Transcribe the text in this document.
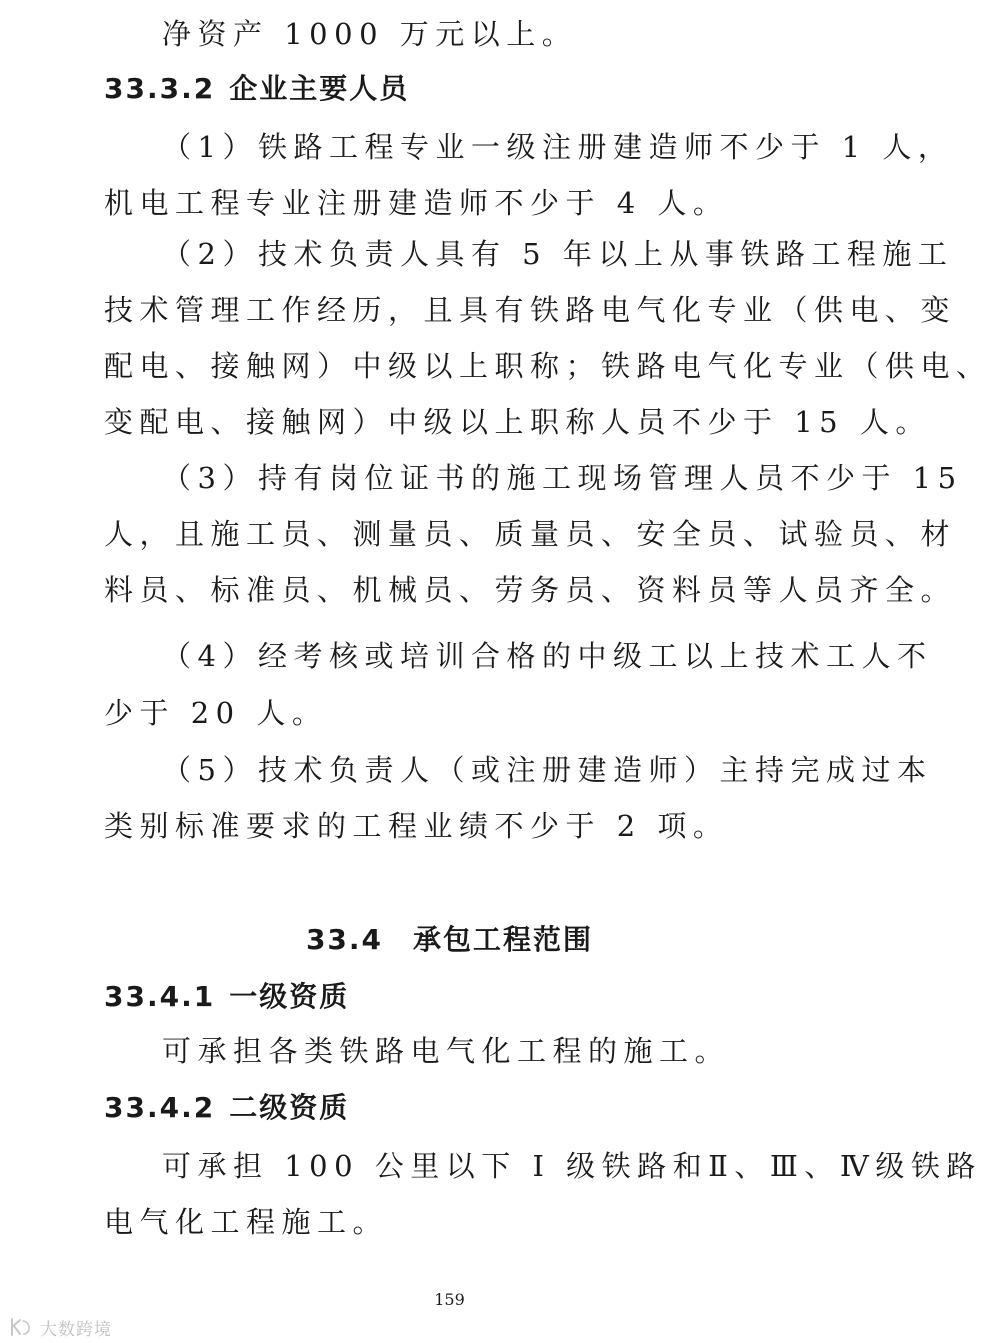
净资产 1000 万元以上。
33.3.2 企业主要人员
（1）铁路工程专业一级注册建造师不少于 1 人，
机电工程专业注册建造师不少于 4 人。
（2）技术负责人具有 5 年以上从事铁路工程施工
技术管理工作经历，且具有铁路电气化专业（供电、变
配电、接触网）中级以上职称；铁路电气化专业（供电、
变配电、接触网）中级以上职称人员不少于 15 人。
（3）持有岗位证书的施工现场管理人员不少于 15
人，且施工员、测量员、质量员、安全员、试验员、材
料员、标准员、机械员、劳务员、资料员等人员齐全。
（4）经考核或培训合格的中级工以上技术工人不
少于 20 人。
（5）技术负责人（或注册建造师）主持完成过本
类别标准要求的工程业绩不少于 2 项。
33.4 承包工程范围
33.4.1 一级资质
可承担各类铁路电气化工程的施工。
33.4.2 二级资质
可承担 100 公里以下 Ⅰ 级铁路和Ⅱ、Ⅲ、Ⅳ级铁路
电气化工程施工。
159
大数跨境
